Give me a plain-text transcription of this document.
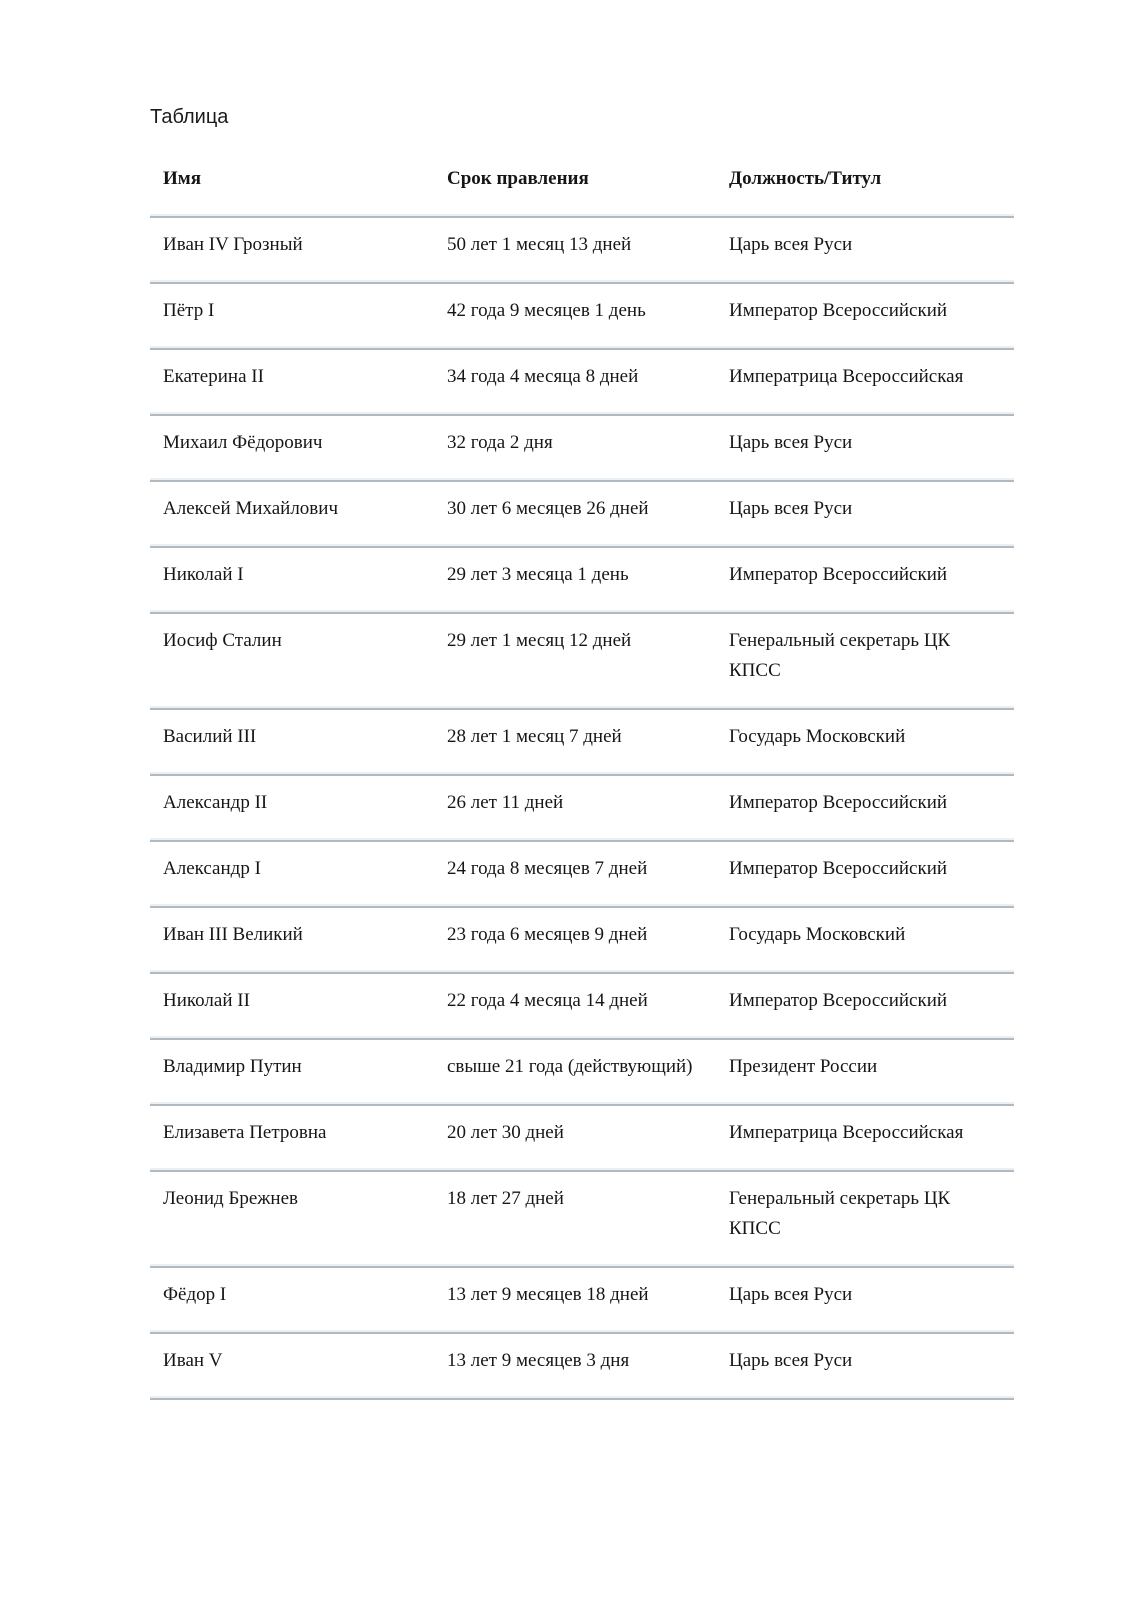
Таблица
Имя	Срок правления	Должность/Титул
Иван IV Грозный	50 лет 1 месяц 13 дней	Царь всея Руси
Пётр I	42 года 9 месяцев 1 день	Император Всероссийский
Екатерина II	34 года 4 месяца 8 дней	Императрица Всероссийская
Михаил Фёдорович	32 года 2 дня	Царь всея Руси
Алексей Михайлович	30 лет 6 месяцев 26 дней	Царь всея Руси
Николай I	29 лет 3 месяца 1 день	Император Всероссийский
Иосиф Сталин	29 лет 1 месяц 12 дней	Генеральный секретарь ЦК КПСС
Василий III	28 лет 1 месяц 7 дней	Государь Московский
Александр II	26 лет 11 дней	Император Всероссийский
Александр I	24 года 8 месяцев 7 дней	Император Всероссийский
Иван III Великий	23 года 6 месяцев 9 дней	Государь Московский
Николай II	22 года 4 месяца 14 дней	Император Всероссийский
Владимир Путин	свыше 21 года (действующий)	Президент России
Елизавета Петровна	20 лет 30 дней	Императрица Всероссийская
Леонид Брежнев	18 лет 27 дней	Генеральный секретарь ЦК КПСС
Фёдор I	13 лет 9 месяцев 18 дней	Царь всея Руси
Иван V	13 лет 9 месяцев 3 дня	Царь всея Руси
